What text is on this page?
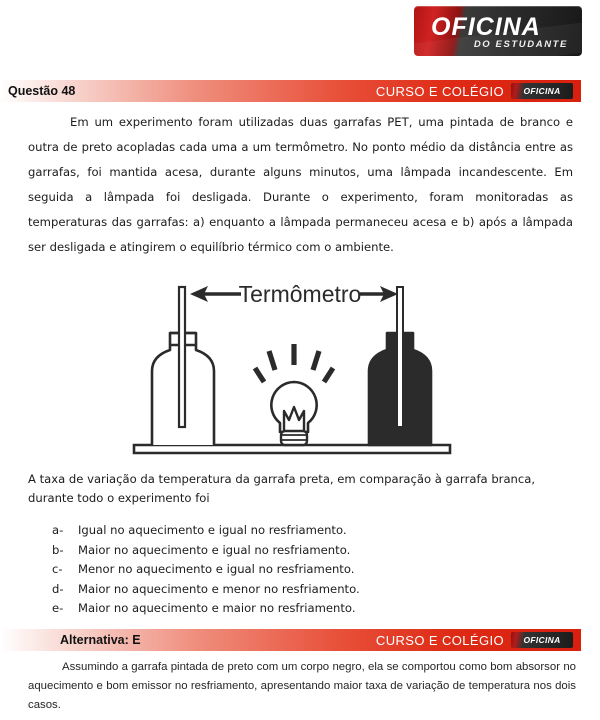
OFICINA
DO ESTUDANTE
Questão 48	CURSO E COLÉGIO OFICINA
Em um experimento foram utilizadas duas garrafas PET, uma pintada de branco e outra de preto acopladas cada uma a um termômetro. No ponto médio da distância entre as garrafas, foi mantida acesa, durante alguns minutos, uma lâmpada incandescente. Em seguida a lâmpada foi desligada. Durante o experimento, foram monitoradas as temperaturas das garrafas: a) enquanto a lâmpada permaneceu acesa e b) após a lâmpada ser desligada e atingirem o equilíbrio térmico com o ambiente.
Termômetro
A taxa de variação da temperatura da garrafa preta, em comparação à garrafa branca, durante todo o experimento foi
a-	Igual no aquecimento e igual no resfriamento.
b-	Maior no aquecimento e igual no resfriamento.
c-	Menor no aquecimento e igual no resfriamento.
d-	Maior no aquecimento e menor no resfriamento.
e-	Maior no aquecimento e maior no resfriamento.
Alternativa: E	CURSO E COLÉGIO OFICINA
Assumindo a garrafa pintada de preto com um corpo negro, ela se comportou como bom absorsor no aquecimento e bom emissor no resfriamento, apresentando maior taxa de variação de temperatura nos dois casos.
